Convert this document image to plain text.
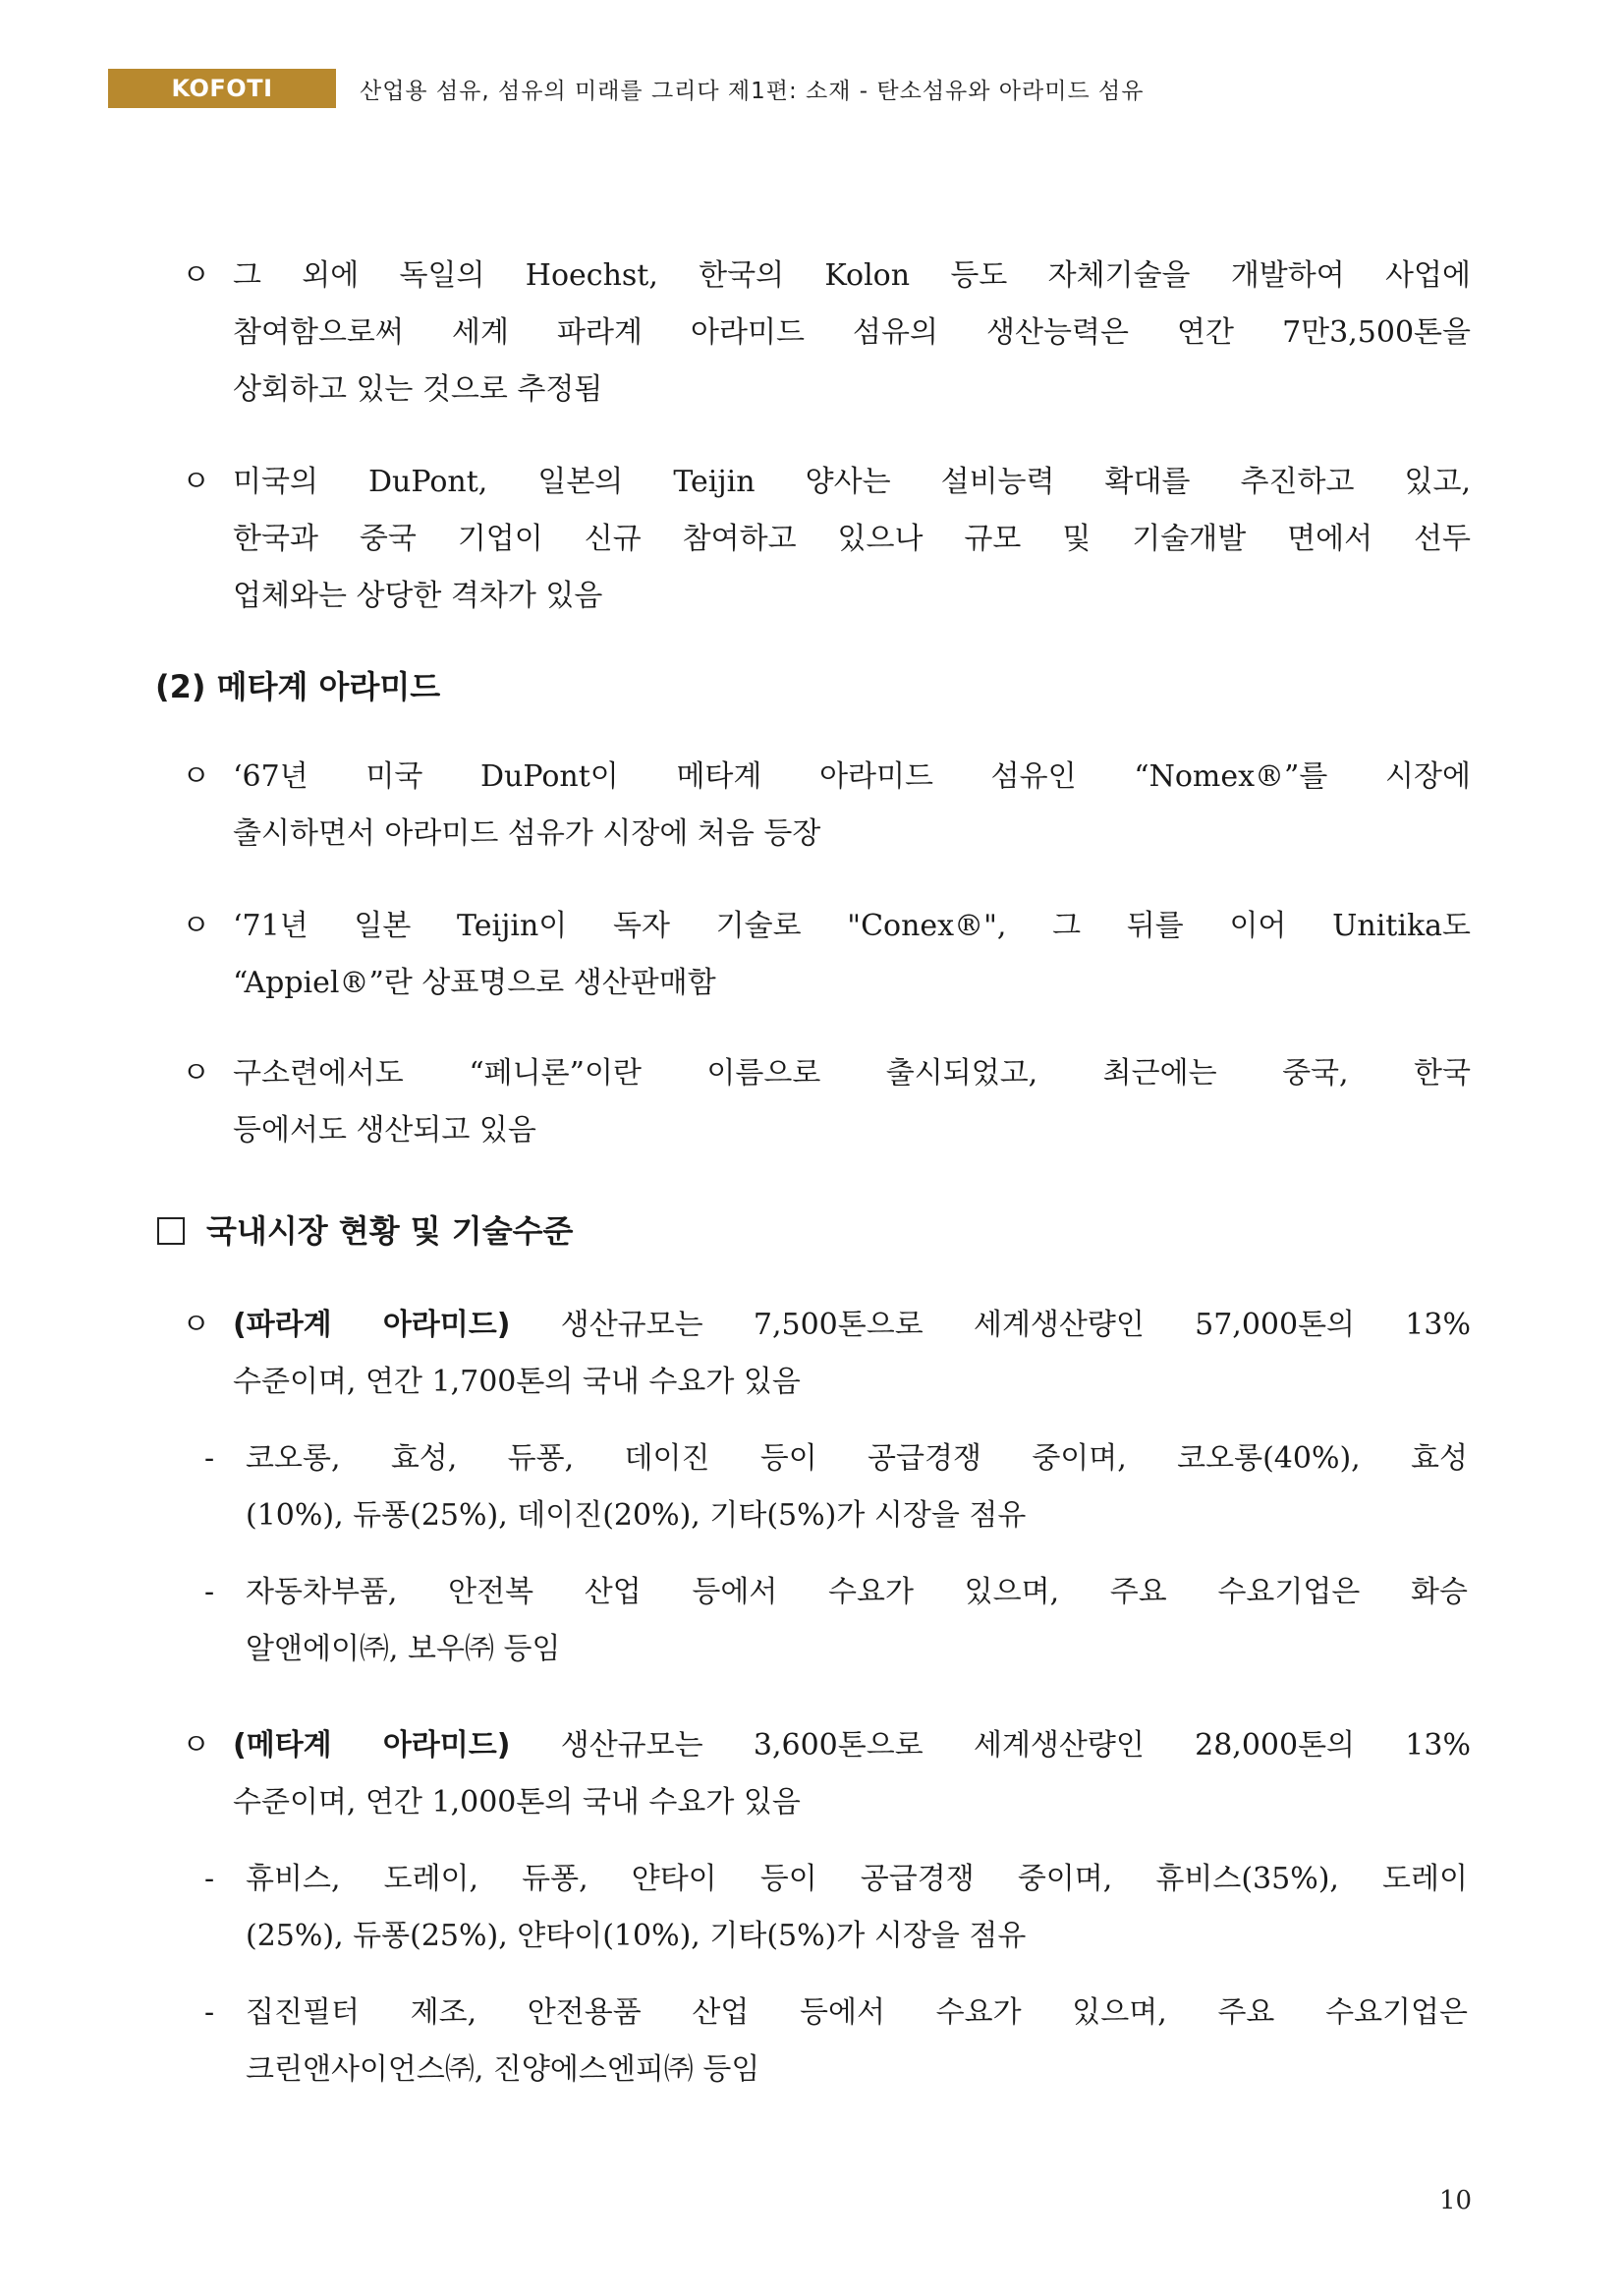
KOFOTI Report
산업용 섬유, 섬유의 미래를 그리다 제1편: 소재 - 탄소섬유와 아라미드 섬유
ㅇ 그 외에 독일의 Hoechst, 한국의 Kolon 등도 자체기술을 개발하여 사업에
참여함으로써 세계 파라계 아라미드 섬유의 생산능력은 연간 7만3,500톤을
상회하고 있는 것으로 추정됨
ㅇ 미국의 DuPont, 일본의 Teijin 양사는 설비능력 확대를 추진하고 있고,
한국과 중국 기업이 신규 참여하고 있으나 규모 및 기술개발 면에서 선두
업체와는 상당한 격차가 있음
(2) 메타계 아라미드
ㅇ ‘67년 미국 DuPont이 메타계 아라미드 섬유인 “Nomex®”를 시장에
출시하면서 아라미드 섬유가 시장에 처음 등장
ㅇ ‘71년 일본 Teijin이 독자 기술로 "Conex®", 그 뒤를 이어 Unitika도
“Appiel®”란 상표명으로 생산판매함
ㅇ 구소련에서도 “페니론”이란 이름으로 출시되었고, 최근에는 중국, 한국
등에서도 생산되고 있음
국내시장 현황 및 기술수준
ㅇ (파라계 아라미드) 생산규모는 7,500톤으로 세계생산량인 57,000톤의 13%
수준이며, 연간 1,700톤의 국내 수요가 있음
- 코오롱, 효성, 듀퐁, 데이진 등이 공급경쟁 중이며, 코오롱(40%), 효성
(10%), 듀퐁(25%), 데이진(20%), 기타(5%)가 시장을 점유
- 자동차부품, 안전복 산업 등에서 수요가 있으며, 주요 수요기업은 화승
알앤에이㈜, 보우㈜ 등임
ㅇ (메타계 아라미드) 생산규모는 3,600톤으로 세계생산량인 28,000톤의 13%
수준이며, 연간 1,000톤의 국내 수요가 있음
- 휴비스, 도레이, 듀퐁, 얀타이 등이 공급경쟁 중이며, 휴비스(35%), 도레이
(25%), 듀퐁(25%), 얀타이(10%), 기타(5%)가 시장을 점유
- 집진필터 제조, 안전용품 산업 등에서 수요가 있으며, 주요 수요기업은
크린앤사이언스㈜, 진양에스엔피㈜ 등임
10
